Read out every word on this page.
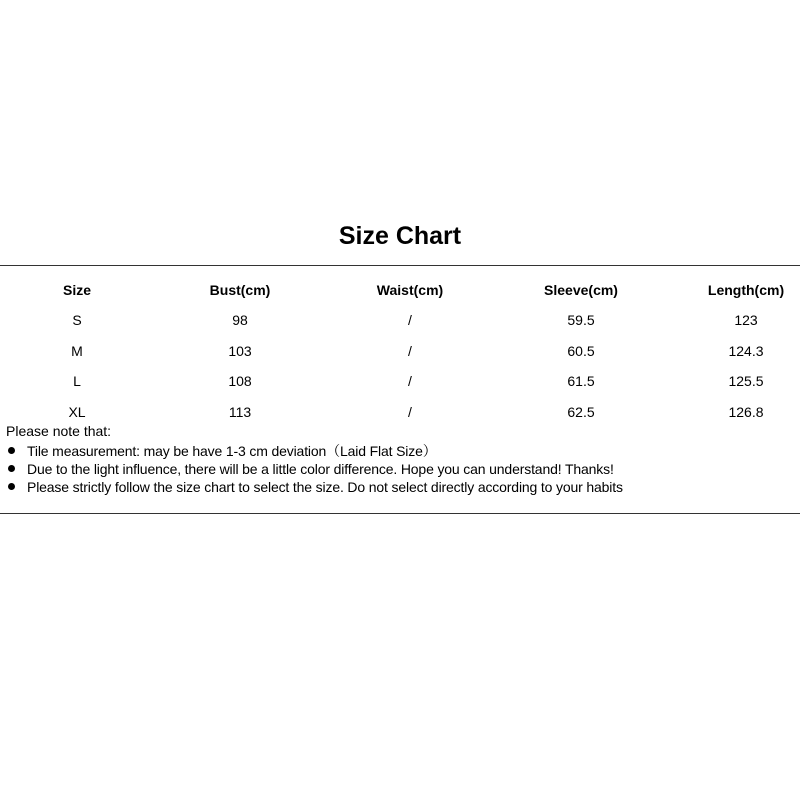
Size Chart
Size	Bust(cm)	Waist(cm)	Sleeve(cm)	Length(cm)
S	98	/	59.5	123
M	103	/	60.5	124.3
L	108	/	61.5	125.5
XL	113	/	62.5	126.8
Please note that:
Tile measurement: may be have 1-3 cm deviation（Laid Flat Size）
Due to the light influence, there will be a little color difference. Hope you can understand! Thanks!
Please strictly follow the size chart to select the size. Do not select directly according to your habits
